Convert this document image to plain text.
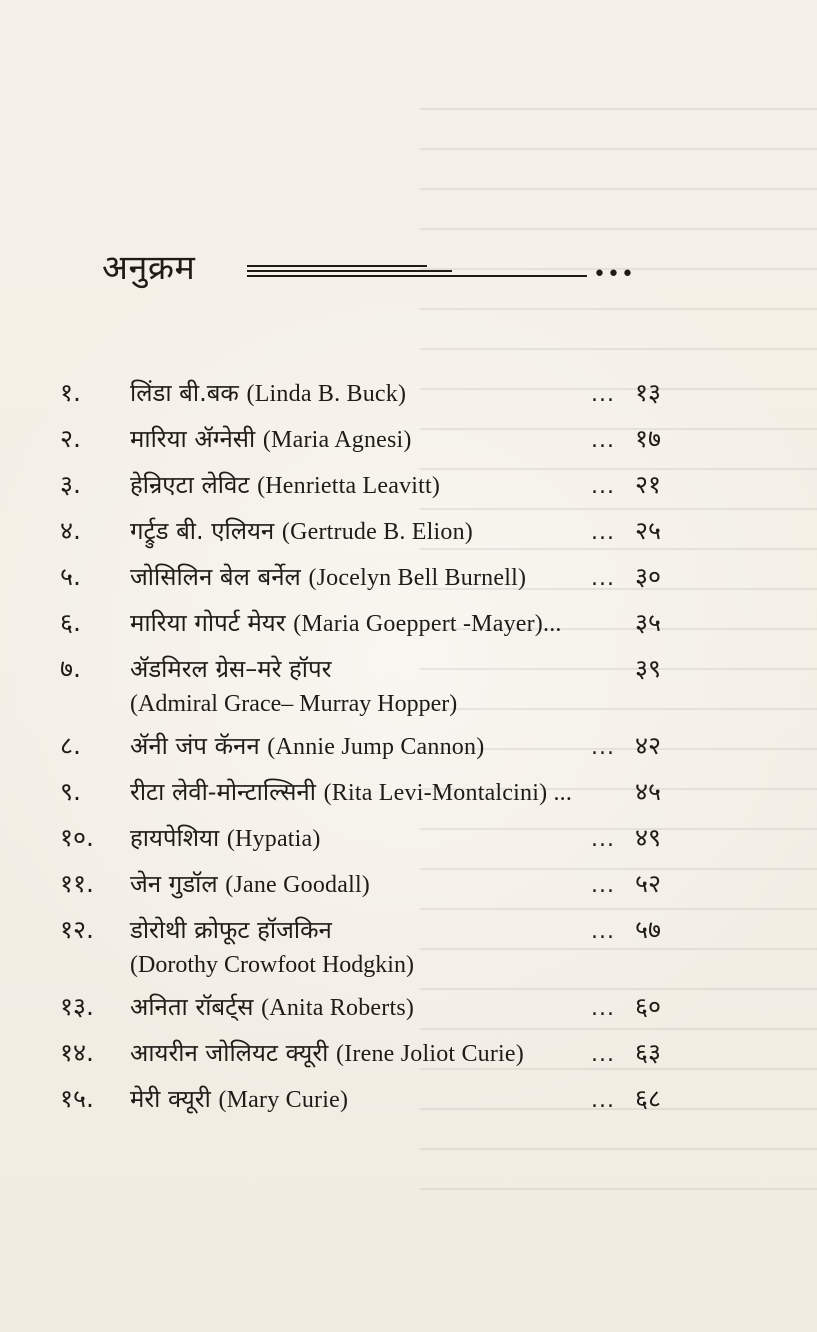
अनुक्रम	•••
१.	लिंडा बी.बक (Linda B. Buck)	... १३
२.	मारिया ॲग्नेसी (Maria Agnesi)	... १७
३.	हेन्रिएटा लेविट (Henrietta Leavitt)	... २१
४.	गर्ट्रुड बी. एलियन (Gertrude B. Elion)	... २५
५.	जोसिलिन बेल बर्नेल (Jocelyn Bell Burnell)	... ३०
६.	मारिया गोपर्ट मेयर (Maria Goeppert -Mayer)...	३५
७.	ॲडमिरल ग्रेस–मरे हॉपर
(Admiral Grace– Murray Hopper)
३९
८.	ॲनी जंप कॅनन (Annie Jump Cannon)	... ४२
९.	रीटा लेवी-मोन्टाल्सिनी (Rita Levi-Montalcini) ...	४५
१०.	हायपेशिया (Hypatia)	... ४९
११.	जेन गुडॉल (Jane Goodall)	... ५२
१२.	डोरोथी क्रोफूट हॉजकिन
(Dorothy Crowfoot Hodgkin)
... ५७
१३.	अनिता रॉबर्ट्स (Anita Roberts)	... ६०
१४.	आयरीन जोलियट क्यूरी (Irene Joliot Curie)	... ६३
१५.	मेरी क्यूरी (Mary Curie)	... ६८
